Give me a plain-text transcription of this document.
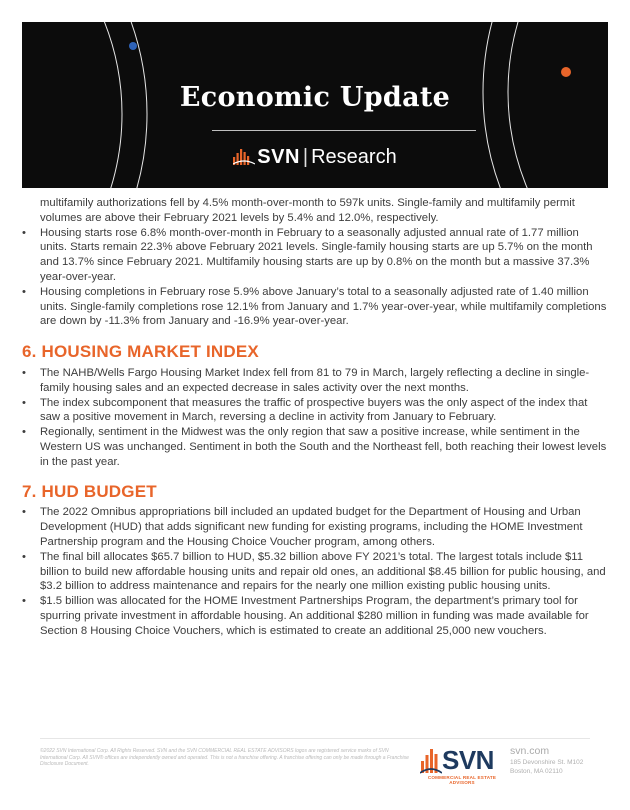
Economic Update
SVN | Research

multifamily authorizations fell by 4.5% month-over-month to 597k units. Single-family and multifamily permit volumes are above their February 2021 levels by 5.4% and 12.0%, respectively.

• Housing starts rose 6.8% month-over-month in February to a seasonally adjusted annual rate of 1.77 million units. Starts remain 22.3% above February 2021 levels. Single-family housing starts are up 5.7% on the month and 13.7% since February 2021. Multifamily housing starts are up by 0.8% on the month but a massive 37.3% year-over-year.
• Housing completions in February rose 5.9% above January’s total to a seasonally adjusted rate of 1.40 million units. Single-family completions rose 12.1% from January and 1.7% year-over-year, while multifamily completions are down by -11.3% from January and -16.9% year-over-year.
6. HOUSING MARKET INDEX
• The NAHB/Wells Fargo Housing Market Index fell from 81 to 79 in March, largely reflecting a decline in single-family housing sales and an expected decrease in sales activity over the next months.
• The index subcomponent that measures the traffic of prospective buyers was the only aspect of the index that saw a positive movement in March, reversing a decline in activity from January to February.
• Regionally, sentiment in the Midwest was the only region that saw a positive increase, while sentiment in the Western US was unchanged. Sentiment in both the South and the Northeast fell, both reaching their lowest levels in the past year.
7. HUD BUDGET
• The 2022 Omnibus appropriations bill included an updated budget for the Department of Housing and Urban Development (HUD) that adds significant new funding for existing programs, including the HOME Investment Partnership program and the Housing Choice Voucher program, among others.
• The final bill allocates $65.7 billion to HUD, $5.32 billion above FY 2021’s total. The largest totals include $11 billion to build new affordable housing units and repair old ones, an additional $8.45 billion for public housing, and $3.2 billion to address maintenance and repairs for the nearly one million existing public housing units.
• $1.5 billion was allocated for the HOME Investment Partnerships Program, the department’s primary tool for spurring private investment in affordable housing. An additional $280 million in funding was made available for Section 8 Housing Choice Vouchers, which is estimated to create an additional 25,000 new vouchers.
©2022 SVN International Corp. All Rights Reserved. SVN and the SVN COMMERCIAL REAL ESTATE ADVISORS logos are registered service marks of SVN International Corp. All SVN® offices are independently owned and operated. This is not a franchise offering. A franchise offering can only be made through a Franchise Disclosure Document.	SVN
COMMERCIAL REAL ESTATE ADVISORS
svn.com
185 Devonshire St. M102
Boston, MA 02110
